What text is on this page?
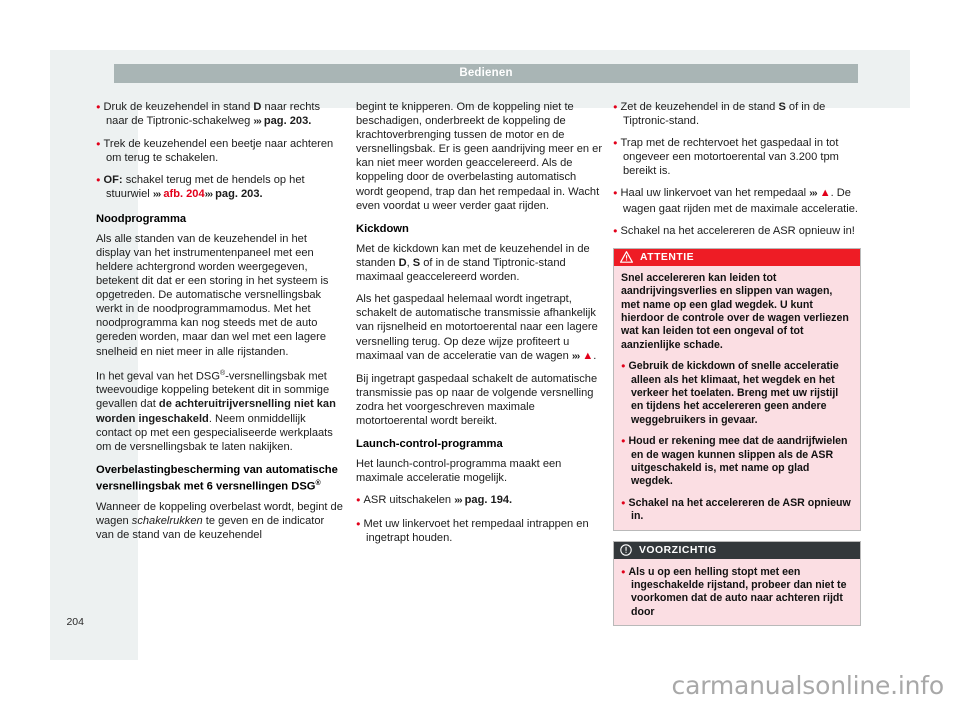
Bedienen
204

● Druk de keuzehendel in stand D naar rechts naar de Tiptronic-schakelweg ››› pag. 203.

● Trek de keuzehendel een beetje naar achteren om terug te schakelen.

● OF: schakel terug met de hendels op het stuurwiel ››› afb. 204››› pag. 203.

Noodprogramma

Als alle standen van de keuzehendel in het display van het instrumentenpaneel met een heldere achtergrond worden weergegeven, betekent dit dat er een storing in het systeem is opgetreden. De automatische versnellingsbak werkt in de noodprogrammamodus. Met het noodprogramma kan nog steeds met de auto gereden worden, maar dan wel met een lagere snelheid en niet meer in alle rijstanden.

In het geval van het DSG®-versnellingsbak met tweevoudige koppeling betekent dit in sommige gevallen dat de achteruitrijversnelling niet kan worden ingeschakeld. Neem onmiddellijk contact op met een gespecialiseerde werkplaats om de versnellingsbak te laten nakijken.

Overbelastingbescherming van automatische versnellingsbak met 6 versnellingen DSG®

Wanneer de koppeling overbelast wordt, begint de wagen schakelrukken te geven en de indicator van de stand van de keuzehendel

begint te knipperen. Om de koppeling niet te beschadigen, onderbreekt de koppeling de krachtoverbrenging tussen de motor en de versnellingsbak. Er is geen aandrijving meer en er kan niet meer worden geaccelereerd. Als de koppeling door de overbelasting automatisch wordt geopend, trap dan het rempedaal in. Wacht even voordat u weer verder gaat rijden.

Kickdown

Met de kickdown kan met de keuzehendel in de standen D, S of in de stand Tiptronic-stand maximaal geaccelereerd worden.

Als het gaspedaal helemaal wordt ingetrapt, schakelt de automatische transmissie afhankelijk van rijsnelheid en motortoerental naar een lagere versnelling terug. Op deze wijze profiteert u maximaal van de acceleratie van de wagen ››› ▲.

Bij ingetrapt gaspedaal schakelt de automatische transmissie pas op naar de volgende versnelling zodra het voorgeschreven maximale motortoerental wordt bereikt.

Launch-control-programma

Het launch-control-programma maakt een maximale acceleratie mogelijk.

● ASR uitschakelen ››› pag. 194.

● Met uw linkervoet het rempedaal intrappen en ingetrapt houden.

● Zet de keuzehendel in de stand S of in de Tiptronic-stand.

● Trap met de rechtervoet het gaspedaal in tot ongeveer een motortoerental van 3.200 tpm bereikt is.

● Haal uw linkervoet van het rempedaal ››› ▲. De wagen gaat rijden met de maximale acceleratie.

● Schakel na het accelereren de ASR opnieuw in!

ATTENTIE

Snel accelereren kan leiden tot aandrijvingsverlies en slippen van wagen, met name op een glad wegdek. U kunt hierdoor de controle over de wagen verliezen wat kan leiden tot een ongeval of tot aanzienlijke schade.

● Gebruik de kickdown of snelle acceleratie alleen als het klimaat, het wegdek en het verkeer het toelaten. Breng met uw rijstijl en tijdens het accelereren geen andere weggebruikers in gevaar.

● Houd er rekening mee dat de aandrijfwielen en de wagen kunnen slippen als de ASR uitgeschakeld is, met name op glad wegdek.

● Schakel na het accelereren de ASR opnieuw in.

VOORZICHTIG

● Als u op een helling stopt met een ingeschakelde rijstand, probeer dan niet te voorkomen dat de auto naar achteren rijdt door

carmanualsonline.info
